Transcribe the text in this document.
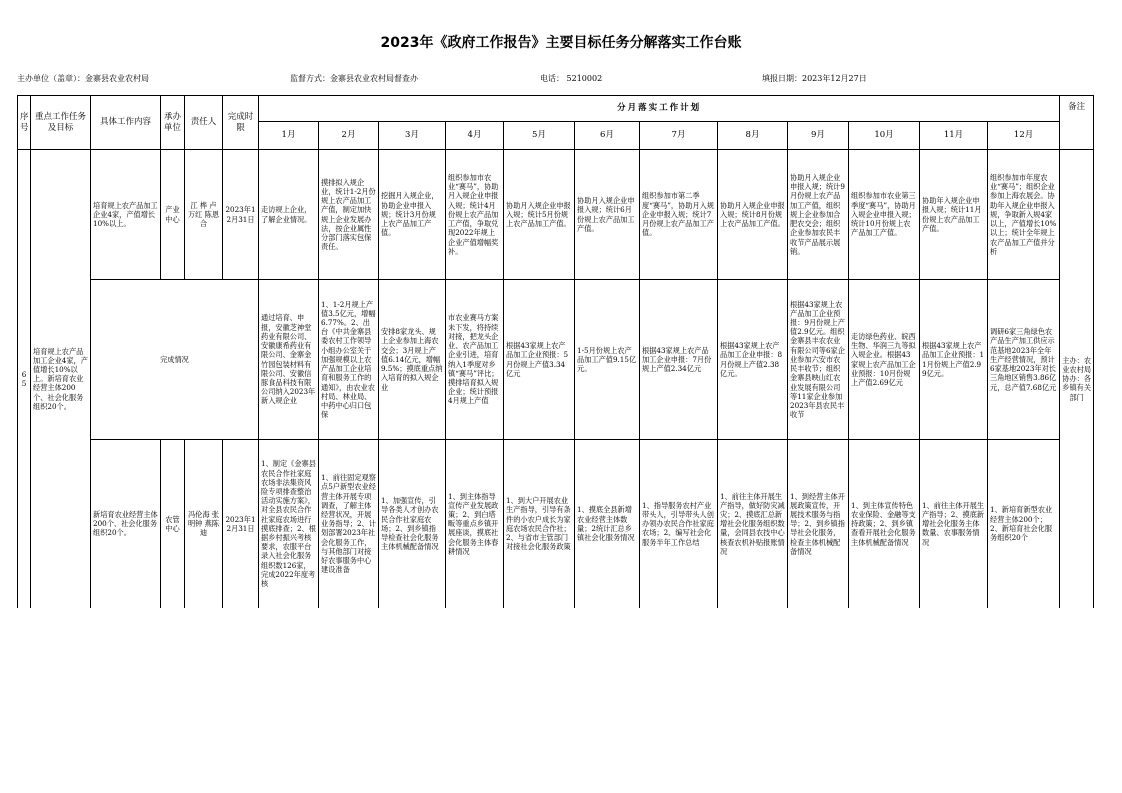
2023年《政府工作报告》主要目标任务分解落实工作台账
主办单位（盖章）：金寨县农业农村局	监督方式：金寨县农业农村局督查办	电话： 5210002	填报日期：2023年12月27日
序号	重点工作任务及目标	具体工作内容	承办单位	责任人	完成时限	分月落实工作计划												备注
						1月	2月	3月	4月	5月	6月	7月	8月	9月	10月	11月	12月	
65	培育规上农产品加工企业4家，产值增长10%以上。新培育农业经营主体200个、社会化服务组织20个。	培育规上农产品加工企业4家，产值增长10%以上。	产业中心	江 桦 卢万红 陈恩合	2023年12月31日	走访规上企业，了解企业情况。	摸排拟入规企业，统计1-2月份规上农产品加工产值，制定加快规上企业发展办法，按企业属性分部门落实包保责任。	挖掘月入规企业，协助企业申报入规；统计3月份规上农产品加工产值。	组织参加市农业“赛马”，协助月入规企业申报入规；统计4月份规上农产品加工产值，争取兑现2022年规上企业产值增幅奖补。	协助月入规企业申报入规；统计5月份规上农产品加工产值。	协助月入规企业申报入规；统计6月份规上农产品加工产值。	组织参加市第二季度“赛马”，协助月入规企业申报入规；统计7月份规上农产品加工产值。	协助月入规企业申报入规；统计8月份规上农产品加工产值。	协助月入规企业申报入规；统计9月份规上农产品加工产值，组织规上企业参加合肥农交会；组织企业参加农民丰收节产品展示展销。	组织参加市农业第三季度“赛马”，协助月入规企业申报入规；统计10月份规上农产品加工产值。	协助年入规企业申报入规；统计11月份规上农产品加工产值。	组织参加市年度农业“赛马”；组织企业参加上海农展会。协助年入规企业申报入规，争取新入规4家以上，产值增长10%以上；统计全年规上农产品加工产值并分析	主办：农业农村局 协办：各乡镇有关部门
		完成情况				通过培育、申报，安徽芝神堂药业有限公司、安徽康希药业有限公司、金寨金竹园包装材料有限公司、安徽信豚食品科技有限公司纳入2023年新入规企业	1、1-2月规上产值3.5亿元，增幅6.77%。2、出台《中共金寨县委农村工作领导小组办公室关于加强规模以上农产品加工企业培育和服务工作的通知》，由农业农村局、林业局、中药中心归口包保	安排8家龙头、规上企业参加上海农交会；3月规上产值6.14亿元，增幅9.5%；摸底重点纳入培育的拟入规企业	市农业赛马方案未下发，将持续对接，把龙头企业、农产品加工企业引进，培育纳入1季度对乡镇“赛马”评比；摸排培育拟入规企业；统计预报4月规上产值	根据43家规上农产品加工企业预报：5月份规上产值3.34亿元	1-5月份规上农产品加工产值9.15亿元。	根据43家规上农产品加工企业申报：7月份规上产值2.34亿元	根据43家规上农产品加工企业申报：8月份规上产值2.38亿元。	根据43家规上农产品加工企业预报：9月份规上产值2.9亿元。组织金寨县丰农农业有限公司等6家企业参加六安市农民丰收节；组织金寨县映山红农业发展有限公司等11家企业参加2023年县农民丰收节	走访绿色药业、皖西生物、华润三九等拟入规企业。根据43家规上农产品加工企业预报：10月份规上产值2.69亿元	根据43家规上农产品加工企业预报：11月份规上产值2.99亿元。	调研6家三角绿色农产品生产加工供应示范基地2023年全年生产经营情况，预计6家基地2023年对长三角地区销售3.86亿元，总产值7.68亿元	

		新培育农业经营主体200个、社会化服务组织20个。	农管中心	冯伦海 张明钟 燕陈迪	2023年12月31日	1、制定《金寨县农民合作社家庭农场非法集资风险专项排查整治活动实施方案》，对全县农民合作社家庭农场进行摸底排查；2、根据乡村振兴考核要求，农服平台录入社会化服务组织数126家，完成2022年度考核	1、前往固定观察点5户新型农业经营主体开展专项调查，了解主体经营状况，开展业务指导；2、计划部署2023年社会化服务工作，与其他部门对接好农事服务中心建设准备	1、加强宣传，引导各类人才创办农民合作社家庭农场；2、到乡镇指导检查社会化服务主体机械配备情况	1、到主体指导宣传产业发展政策；2、到白塔畈等重点乡镇开展座谈，摸底社会化服务主体春耕情况	1、到大户开展农业生产指导，引导有条件的小农户成长为家庭农场农民合作社；2、与省市主管部门对接社会化服务政策	1、摸底全县新增农业经营主体数量；2统计汇总乡镇社会化服务情况	1、指导服务农村产业带头人，引导带头人创办领办农民合作社家庭农场；2、编写社会化服务半年工作总结	1、前往主体开展生产指导，做好防灾减灾；2、摸底汇总新增社会化服务组织数量，会同县农技中心核查农机补贴报账情况	1、到经营主体开展政策宣传，开展技术服务与指导；2、到乡镇指导社会化服务，检查主体机械配备情况	1、到主体宣传特色农业保险、金融等支持政策；2、到乡镇查看开展社会化服务主体机械配备情况	1、前往主体开展生产指导；2、摸底新增社会化服务主体数量、农事服务情况	1、新培育新型农业经营主体200个；2、新培育社会化服务组织20个	
